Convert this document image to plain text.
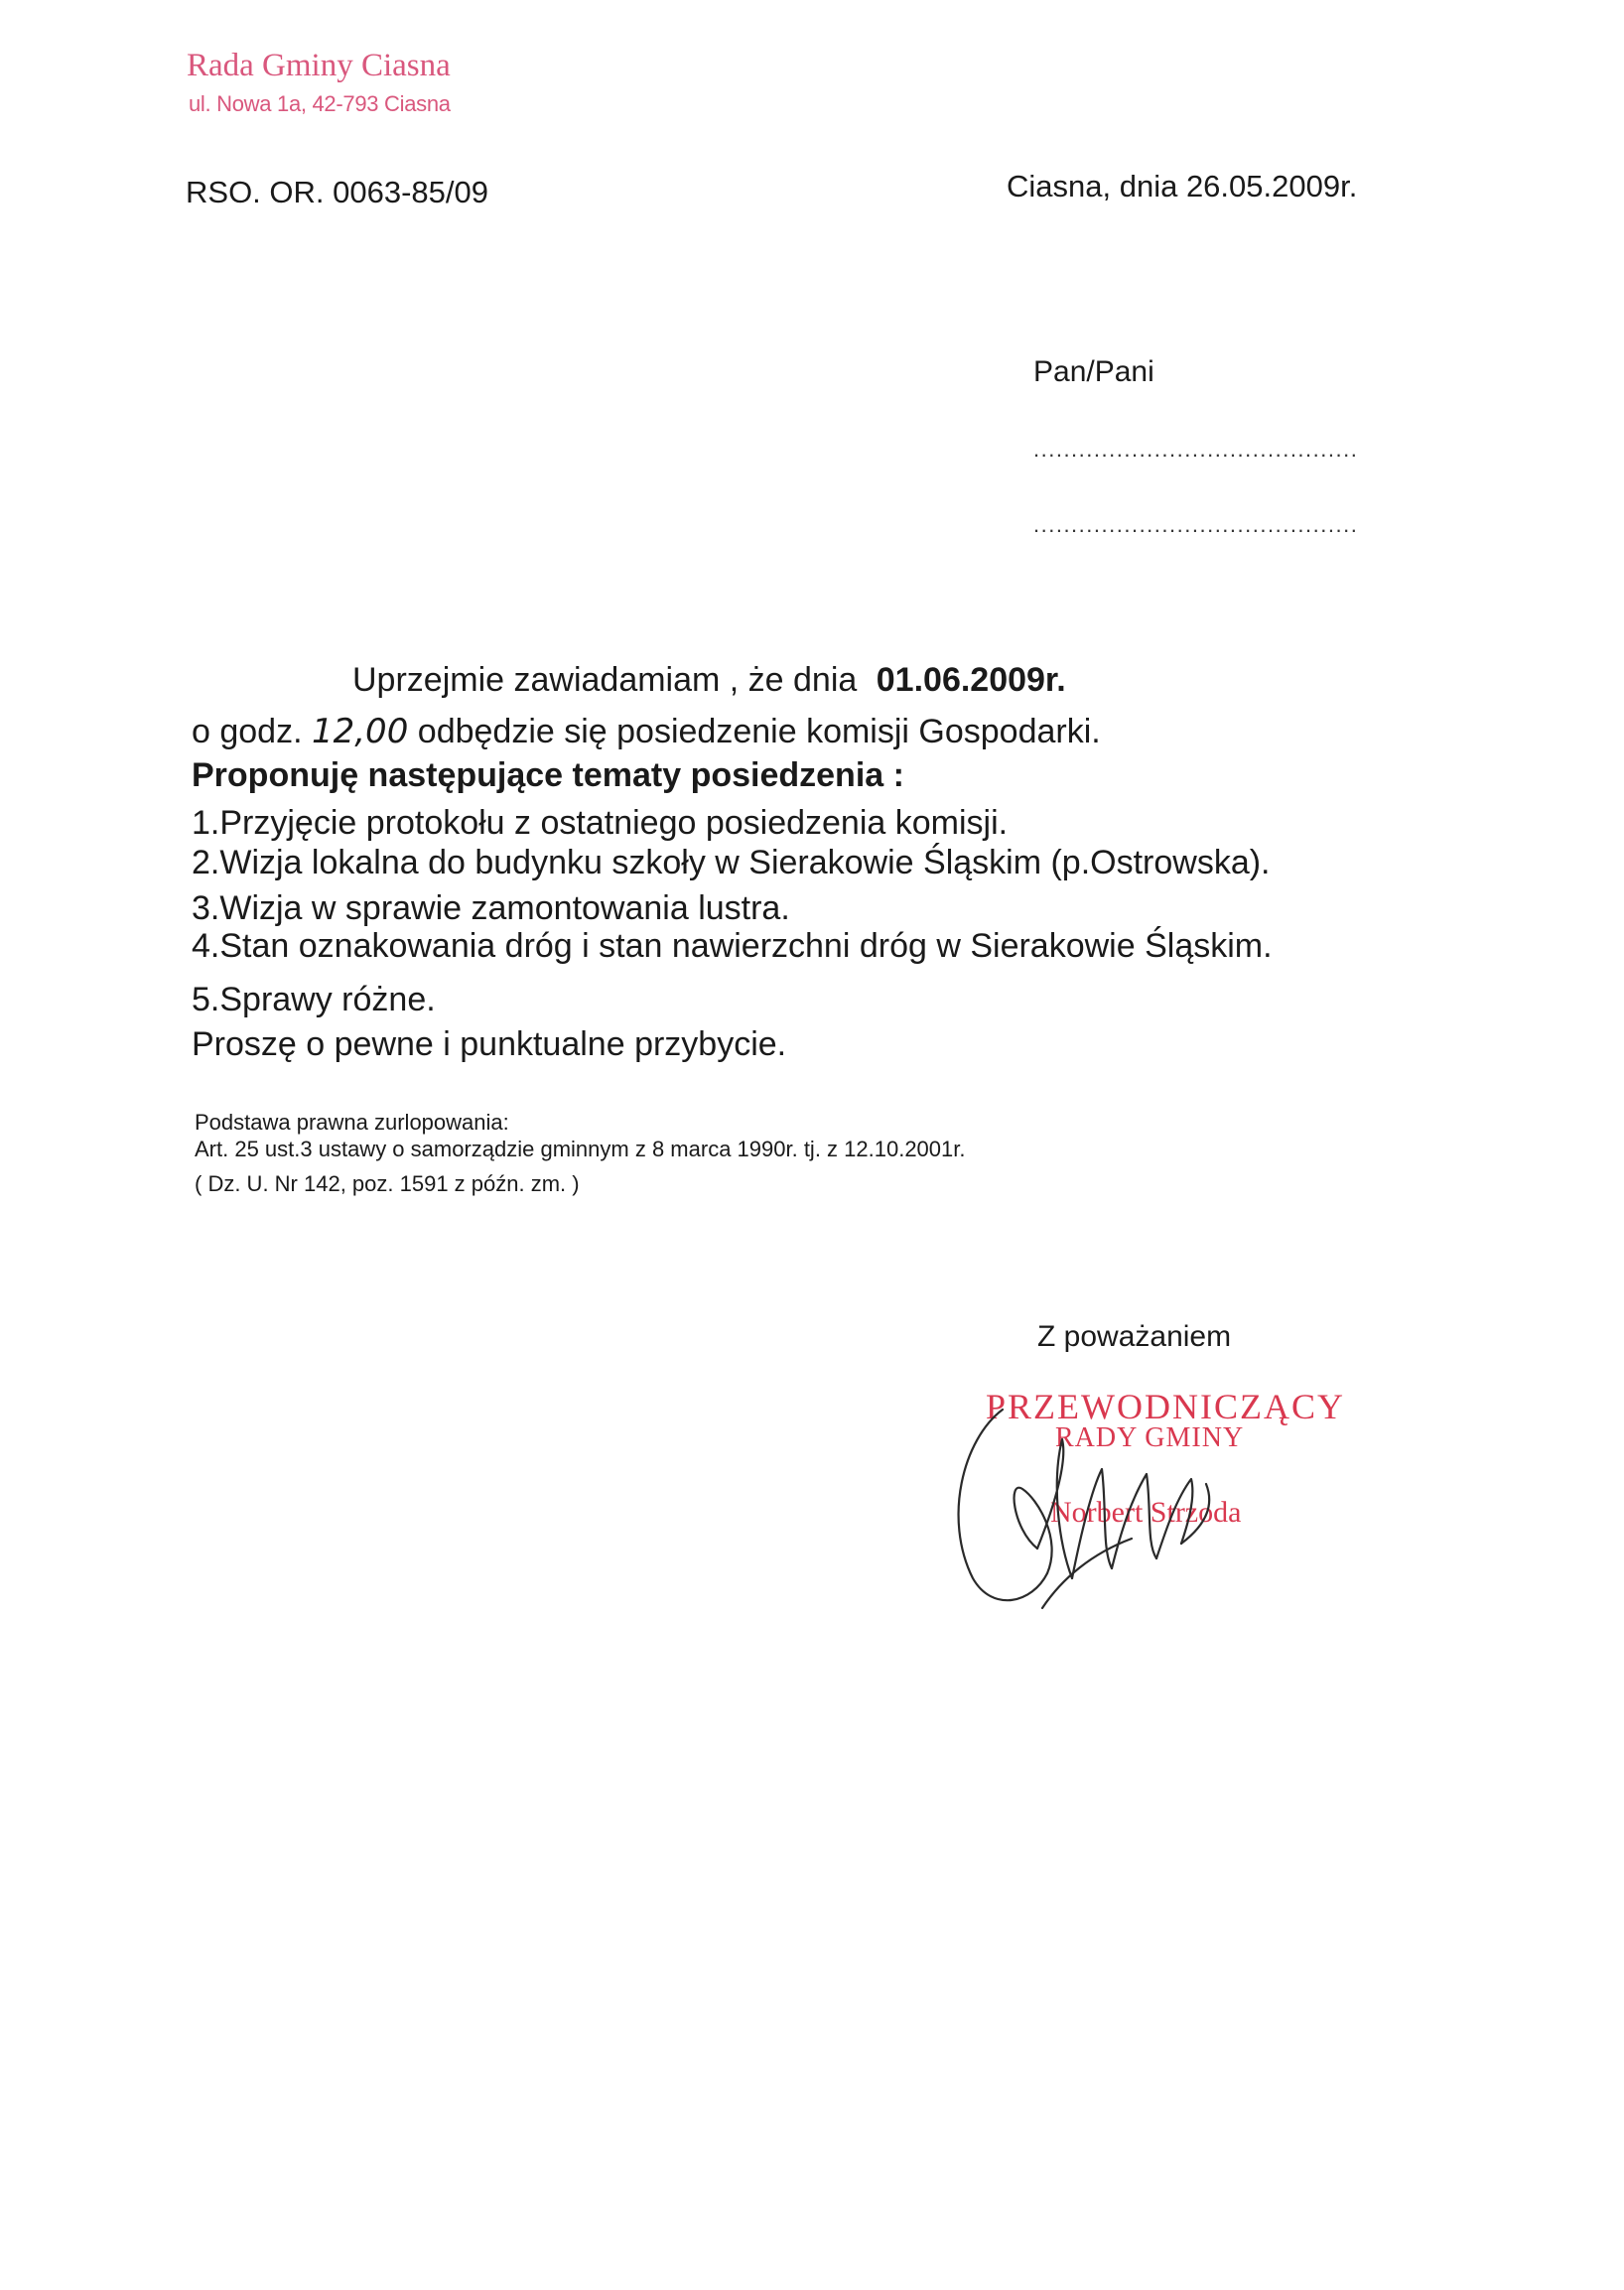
Rada Gminy Ciasna
ul. Nowa 1a, 42-793 Ciasna
RSO. OR. 0063-85/09	Ciasna, dnia 26.05.2009r.
Pan/Pani
...........................................
...........................................
Uprzejmie zawiadamiam , że dnia 01.06.2009r.
o godz. 12,00 odbędzie się posiedzenie komisji Gospodarki.
Proponuję następujące tematy posiedzenia :
1.Przyjęcie protokołu z ostatniego posiedzenia komisji.
2.Wizja lokalna do budynku szkoły w Sierakowie Śląskim (p.Ostrowska).
3.Wizja w sprawie zamontowania lustra.
4.Stan oznakowania dróg i stan nawierzchni dróg w Sierakowie Śląskim.
5.Sprawy różne.
Proszę o pewne i punktualne przybycie.
Podstawa prawna zurlopowania:
Art. 25 ust.3 ustawy o samorządzie gminnym z 8 marca 1990r. tj. z 12.10.2001r.
( Dz. U. Nr 142, poz. 1591 z późn. zm. )
Z poważaniem
PRZEWODNICZĄCY
RADY GMINY
Norbert Strzoda
